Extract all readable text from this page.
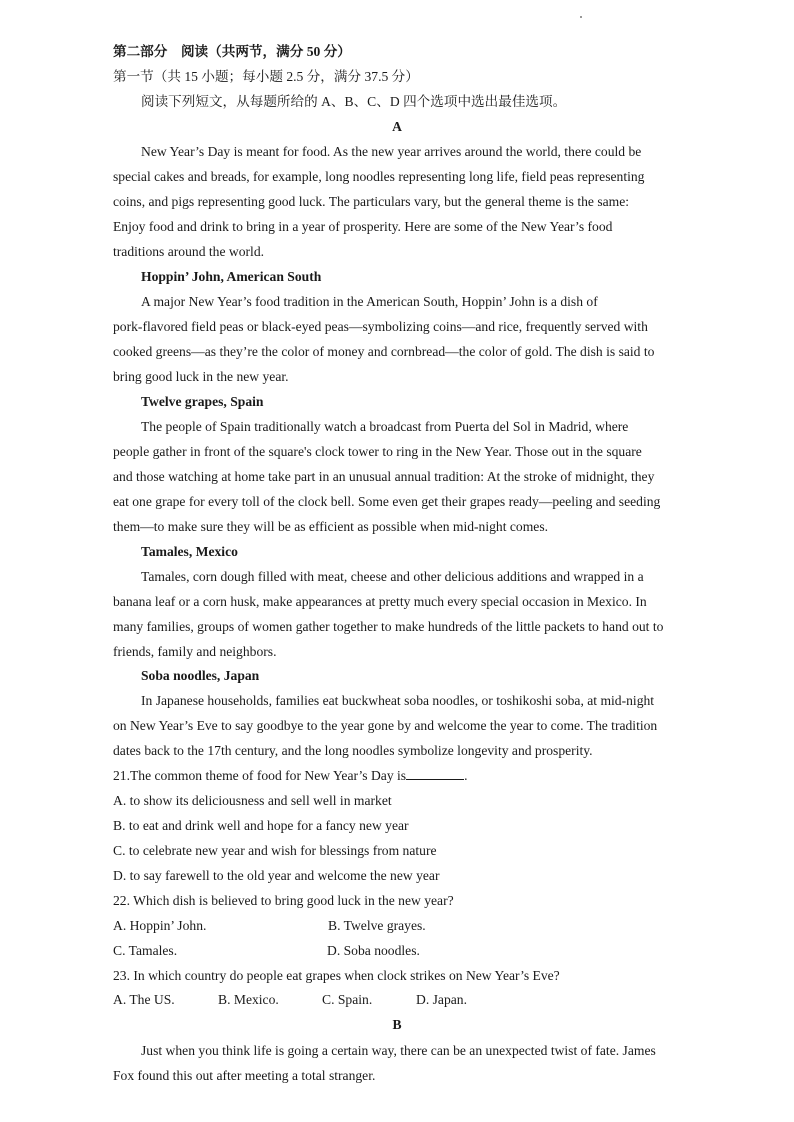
第二部分　阅读（共两节，满分 50 分）
第一节（共 15 小题；每小题 2.5 分，满分 37.5 分）
阅读下列短文，从每题所给的 A、B、C、D 四个选项中选出最佳选项。
A
New Year’s Day is meant for food. As the new year arrives around the world, there could be
special cakes and breads, for example, long noodles representing long life, field peas representing
coins, and pigs representing good luck. The particulars vary, but the general theme is the same:
Enjoy food and drink to bring in a year of prosperity. Here are some of the New Year’s food
traditions around the world.
Hoppin’ John, American South
A major New Year’s food tradition in the American South, Hoppin’ John is a dish of
pork-flavored field peas or black-eyed peas—symbolizing coins—and rice, frequently served with
cooked greens—as they’re the color of money and cornbread—the color of gold. The dish is said to
bring good luck in the new year.
Twelve grapes, Spain
The people of Spain traditionally watch a broadcast from Puerta del Sol in Madrid, where
people gather in front of the square's clock tower to ring in the New Year. Those out in the square
and those watching at home take part in an unusual annual tradition: At the stroke of midnight, they
eat one grape for every toll of the clock bell. Some even get their grapes ready—peeling and seeding
them—to make sure they will be as efficient as possible when mid-night comes.
Tamales, Mexico
Tamales, corn dough filled with meat, cheese and other delicious additions and wrapped in a
banana leaf or a corn husk, make appearances at pretty much every special occasion in Mexico. In
many families, groups of women gather together to make hundreds of the little packets to hand out to
friends, family and neighbors.
Soba noodles, Japan
In Japanese households, families eat buckwheat soba noodles, or toshikoshi soba, at mid-night
on New Year’s Eve to say goodbye to the year gone by and welcome the year to come. The tradition
dates back to the 17th century, and the long noodles symbolize longevity and prosperity.
21.The common theme of food for New Year’s Day is	.
A. to show its deliciousness and sell well in market
B. to eat and drink well and hope for a fancy new year
C. to celebrate new year and wish for blessings from nature
D. to say farewell to the old year and welcome the new year
22. Which dish is believed to bring good luck in the new year?
A. Hoppin’ John.	B. Twelve grayes.
C. Tamales.	D. Soba noodles.
23. In which country do people eat grapes when clock strikes on New Year’s Eve?
A. The US.	B. Mexico.	C. Spain.	D. Japan.
B
Just when you think life is going a certain way, there can be an unexpected twist of fate. James
Fox found this out after meeting a total stranger.
